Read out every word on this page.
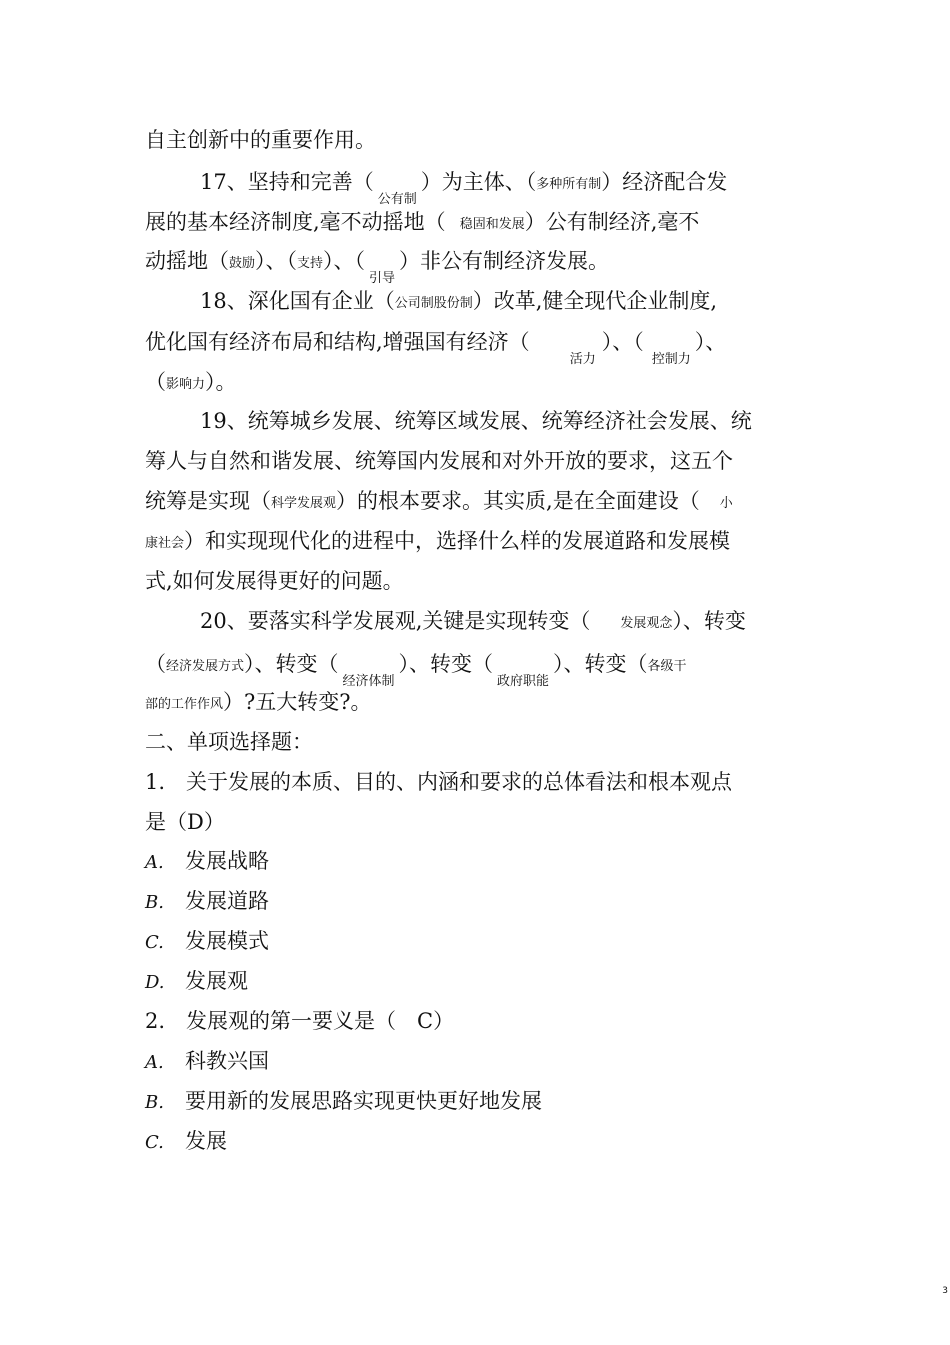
自主创新中的重要作用。
17、坚持和完善$(_{公有制})$为主体、（多种所有制）经济配合发
展的基本经济制度,毫不动摇地（ 稳固和发展）公有制经济,毫不
动摇地（鼓励）、（支持）、$(_{引导})$非公有制经济发展。
18、深化国有企业（公司制股份制）改革,健全现代企业制度,
优化国有经济布局和结构,增强国有经济$(_{活力})$、$(_{控制力})$、
（影响力）。
19、统筹城乡发展、统筹区域发展、统筹经济社会发展、统
筹人与自然和谐发展、统筹国内发展和对外开放的要求，这五个
统筹是实现（科学发展观）的根本要求。其实质,是在全面建设（ 小
康社会）和实现现代化的进程中，选择什么样的发展道路和发展模
式,如何发展得更好的问题。
20、要落实科学发展观,关键是实现转变（ 发展观念）、转变
（经济发展方式）、转变$(_{经济体制})$、转变$(_{政府职能})$、转变（各级干
部的工作作风）?五大转变?。
二、单项选择题：
1.　关于发展的本质、目的、内涵和要求的总体看法和根本观点
是（D）
A. 发展战略
B. 发展道路
C. 发展模式
D. 发展观
2.　发展观的第一要义是（　C）
A. 科教兴国
B. 要用新的发展思路实现更快更好地发展
C. 发展
3
